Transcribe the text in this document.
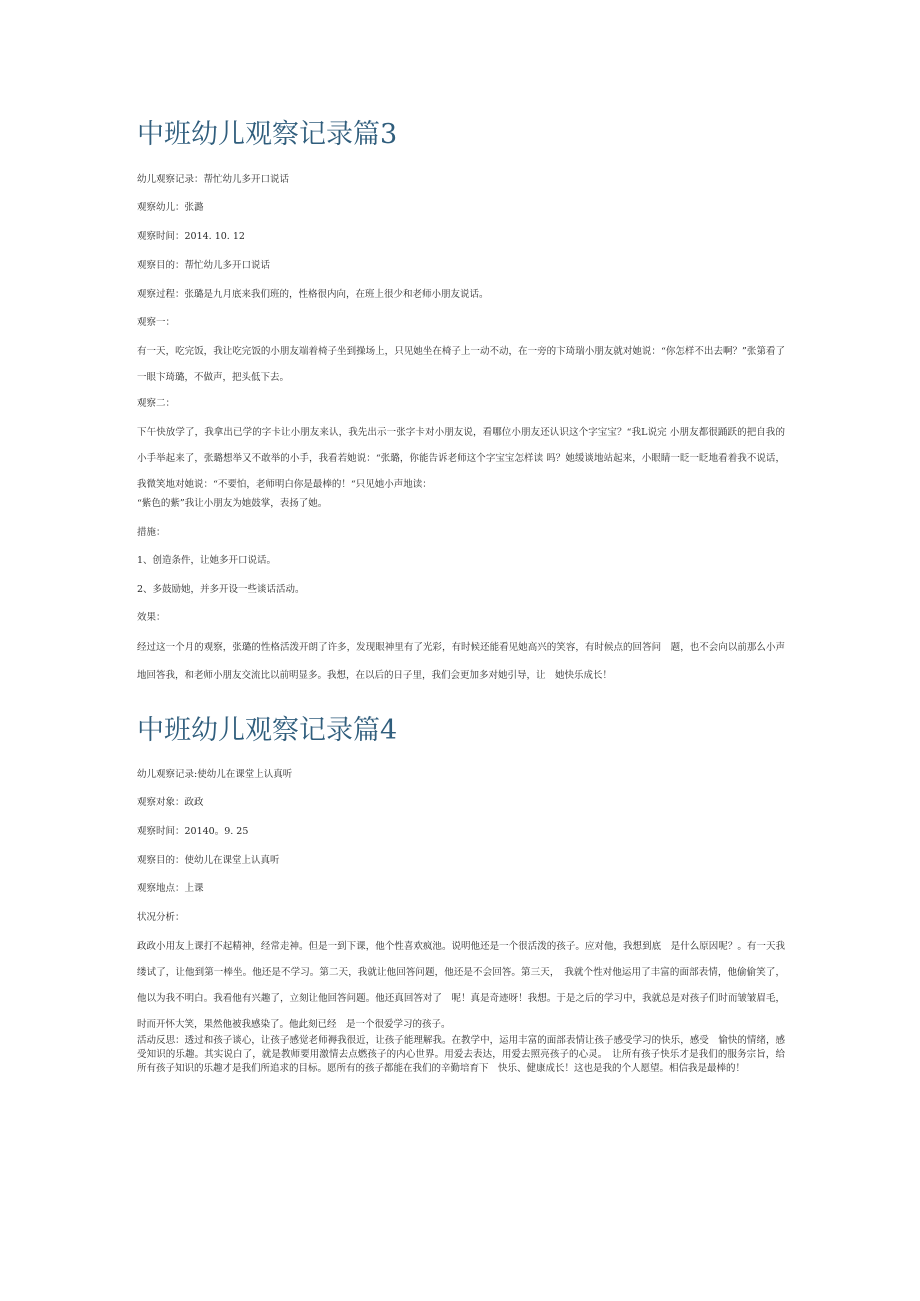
中班幼儿观察记录篇3
幼儿观察记录：帮忙幼儿多开口说话
观察幼儿：张潞
观察时间：2014. 10. 12
观察目的：帮忙幼儿多开口说话
观察过程：张璐是九月底来我们班的，性格很内向，在班上很少和老师小朋友说话。
观察一：
有一天，吃完饭，我让吃完饭的小朋友端着椅子坐到操场上，只见她坐在椅子上一动不动，在一旁的卞琦瑞小朋友就对她说：“你怎样不出去啊？”张第看了一眼卞琦璐，不做声，把头低下去。
观察二：
下午快放学了，我拿出已学的字卡让小朋友来认，我先出示一张字卡对小朋友说，看哪位小朋友还认识这个字宝宝？“我L说完 小朋友都很踊跃的把自我的小手举起来了，张璐想举又不敢举的小手，我看若她说：“张璐，你能告诉老师这个字宝宝怎样读 吗？她缓谈地站起来，小眼睛一眨一眨地看着我不说话，我微笑地对她说：“不要怕，老师明白你是最棒的！“只见她小声地读：
“紫色的紫”我让小朋友为她鼓掌，表扬了她。
措施：
1、创造条件，让她多开口说话。
2、多鼓励她，并多开设一些谈话活动。
效果：
经过这一个月的观察，张璐的性格活泼开朗了许多，发现眼神里有了光彩，有时候还能看见她高兴的笑容，有时候点的回答问　题，也不会向以前那么小声地回答我，和老师小朋友交流比以前明显多。我想，在以后的日子里，我们会更加多对她引导，让　她快乐成长！
中班幼儿观察记录篇4
幼儿观察记录:使幼儿在课堂上认真听
观察对象：政政
观察时间：20140。9. 25
观察目的：使幼儿在课堂上认真听
观察地点：上课
状况分析：
政政小用友上课打不起精神，经常走神。但是一到下课，他个性喜欢疯池。说明他还是一个很活泼的孩子。应对他，我想到底　是什么原因呢？。有一天我缕试了，让他到第一棒坐。他还是不学习。第二天，我就让他回答问题，他还是不会回答。第三天，　我就个性对他运用了丰富的面部表情，他偷偷笑了，他以为我不明白。我看他有兴趣了，立刻让他回答问题。他还真回答对了　呢！真是奇迹呀！我想。于是之后的学习中，我就总是对孩子们时而皱皱眉毛，时而开怀大笑，果然他被我感染了。他此刻已经　是一个很爱学习的孩子。
活动反思：透过和孩子谈心，让孩子感觉老师褥我很近，让孩子能理解我。在教学中，运用丰富的面部表情让孩子感受学习的快乐，感受　愉快的情绪，感受知识的乐趣。其实说白了，就是教师要用激情去点燃孩子的内心世界。用爱去表达，用爱去照亮孩子的心灵。　让所有孩子快乐才是我们的服务宗旨，给所有孩子知识的乐趣才是我们所追求的目标。愿所有的孩子都能在我们的辛勤培育下　快乐、健康成长！这也是我的个人愿望。相信我是最棒的！
